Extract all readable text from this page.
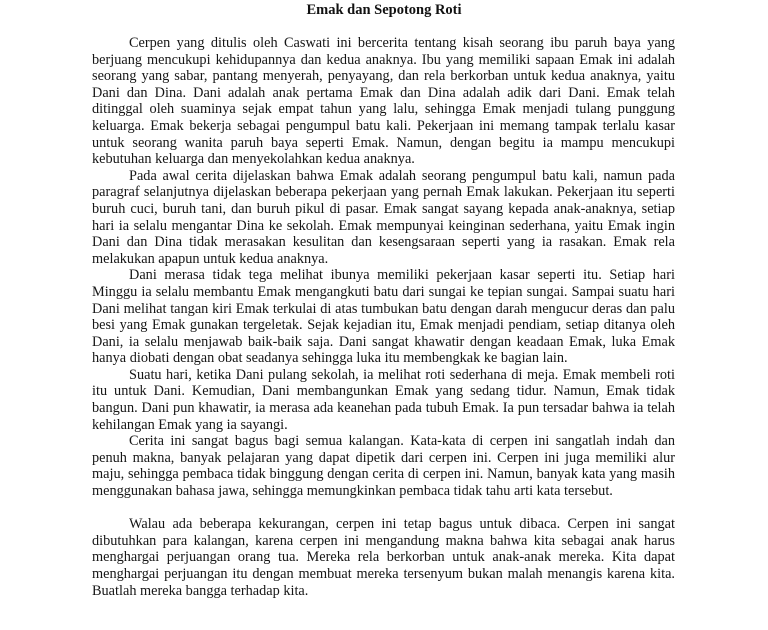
Emak dan Sepotong Roti

Cerpen yang ditulis oleh Caswati ini bercerita tentang kisah seorang ibu paruh baya yang berjuang mencukupi kehidupannya dan kedua anaknya. Ibu yang memiliki sapaan Emak ini adalah seorang yang sabar, pantang menyerah, penyayang, dan rela berkorban untuk kedua anaknya, yaitu Dani dan Dina. Dani adalah anak pertama Emak dan Dina adalah adik dari Dani. Emak telah ditinggal oleh suaminya sejak empat tahun yang lalu, sehingga Emak menjadi tulang punggung keluarga. Emak bekerja sebagai pengumpul batu kali. Pekerjaan ini memang tampak terlalu kasar untuk seorang wanita paruh baya seperti Emak. Namun, dengan begitu ia mampu mencukupi kebutuhan keluarga dan menyekolahkan kedua anaknya.

Pada awal cerita dijelaskan bahwa Emak adalah seorang pengumpul batu kali, namun pada paragraf selanjutnya dijelaskan beberapa pekerjaan yang pernah Emak lakukan. Pekerjaan itu seperti buruh cuci, buruh tani, dan buruh pikul di pasar. Emak sangat sayang kepada anak-anaknya, setiap hari ia selalu mengantar Dina ke sekolah. Emak mempunyai keinginan sederhana, yaitu Emak ingin Dani dan Dina tidak merasakan kesulitan dan kesengsaraan seperti yang ia rasakan. Emak rela melakukan apapun untuk kedua anaknya.

Dani merasa tidak tega melihat ibunya memiliki pekerjaan kasar seperti itu. Setiap hari Minggu ia selalu membantu Emak mengangkuti batu dari sungai ke tepian sungai. Sampai suatu hari Dani melihat tangan kiri Emak terkulai di atas tumbukan batu dengan darah mengucur deras dan palu besi yang Emak gunakan tergeletak. Sejak kejadian itu, Emak menjadi pendiam, setiap ditanya oleh Dani, ia selalu menjawab baik-baik saja. Dani sangat khawatir dengan keadaan Emak, luka Emak hanya diobati dengan obat seadanya sehingga luka itu membengkak ke bagian lain.

Suatu hari, ketika Dani pulang sekolah, ia melihat roti sederhana di meja. Emak membeli roti itu untuk Dani. Kemudian, Dani membangunkan Emak yang sedang tidur. Namun, Emak tidak bangun. Dani pun khawatir, ia merasa ada keanehan pada tubuh Emak. Ia pun tersadar bahwa ia telah kehilangan Emak yang ia sayangi.

Cerita ini sangat bagus bagi semua kalangan. Kata-kata di cerpen ini sangatlah indah dan penuh makna, banyak pelajaran yang dapat dipetik dari cerpen ini. Cerpen ini juga memiliki alur maju, sehingga pembaca tidak binggung dengan cerita di cerpen ini. Namun, banyak kata yang masih menggunakan bahasa jawa, sehingga memungkinkan pembaca tidak tahu arti kata tersebut.

Walau ada beberapa kekurangan, cerpen ini tetap bagus untuk dibaca. Cerpen ini sangat dibutuhkan para kalangan, karena cerpen ini mengandung makna bahwa kita sebagai anak harus menghargai perjuangan orang tua. Mereka rela berkorban untuk anak-anak mereka. Kita dapat menghargai perjuangan itu dengan membuat mereka tersenyum bukan malah menangis karena kita. Buatlah mereka bangga terhadap kita.
